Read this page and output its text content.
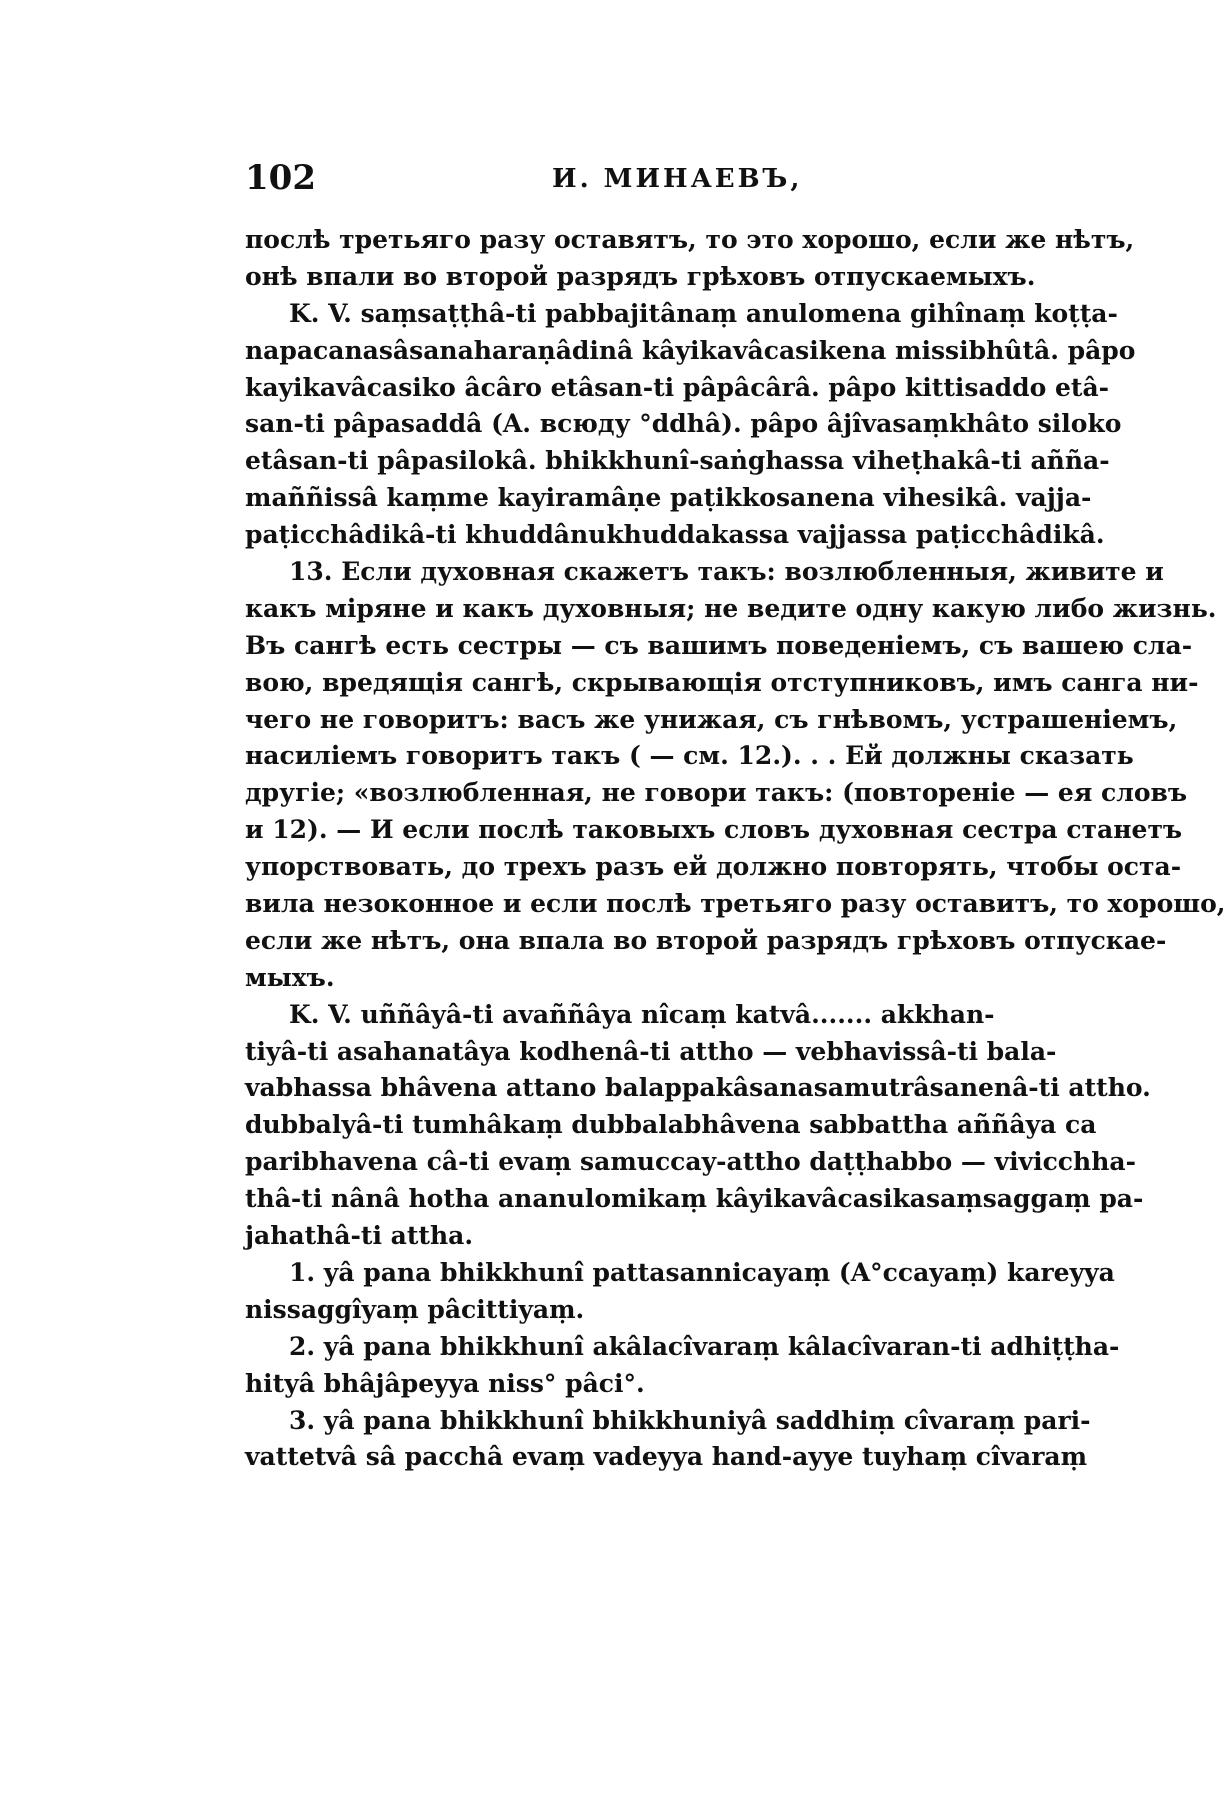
102	И. МИНАЕВЪ,
послѣ третьяго разу оставятъ, то это хорошо, если же нѣтъ,
онѣ впали во второй разрядъ грѣховъ отпускаемыхъ.
K. V. saṃsaṭṭhâ-ti pabbajitânaṃ anulomena gihînaṃ koṭṭa-
napacanasâsanaharaṇâdinâ kâyikavâcasikena missibhûtâ. pâpo
kayikavâcasiko âcâro etâsan-ti pâpâcârâ. pâpo kittisaddo etâ-
san-ti pâpasaddâ (A. всюду °ddhâ). pâpo âjîvasaṃkhâto siloko
etâsan-ti pâpasilokâ. bhikkhunî-saṅghassa viheṭhakâ-ti añña-
maññissâ kaṃme kayiramâṇe paṭikkosanena vihesikâ. vajja-
paṭicchâdikâ-ti khuddânukhuddakassa vajjassa paṭicchâdikâ.
13. Если духовная скажетъ такъ: возлюбленныя, живите и
какъ міряне и какъ духовныя; не ведите одну какую либо жизнь.
Въ сангѣ есть сестры — съ вашимъ поведеніемъ, съ вашею сла-
вою, вредящія сангѣ, скрывающія отступниковъ, имъ санга ни-
чего не говоритъ: васъ же унижая, съ гнѣвомъ, устрашеніемъ,
насиліемъ говоритъ такъ ( — см. 12.). . . Ей должны сказать
другіе; «возлюбленная, не говори такъ: (повтореніе — ея словъ
и 12). — И если послѣ таковыхъ словъ духовная сестра станетъ
упорствовать, до трехъ разъ ей должно повторять, чтобы оста-
вила незоконное и если послѣ третьяго разу оставитъ, то хорошо,
если же нѣтъ, она впала во второй разрядъ грѣховъ отпускае-
мыхъ.
K. V. uññâyâ-ti avaññâya nîcaṃ katvâ....... akkhan-
tiyâ-ti asahanatâya kodhenâ-ti attho — vebhavissâ-ti bala-
vabhassa bhâvena attano balappakâsanasamutrâsanenâ-ti attho.
dubbalyâ-ti tumhâkaṃ dubbalabhâvena sabbattha aññâya ca
paribhavena câ-ti evaṃ samuccay-attho daṭṭhabbo — vivicchha-
thâ-ti nânâ hotha ananulomikaṃ kâyikavâcasikasaṃsaggaṃ pa-
jahathâ-ti attha.
1. yâ pana bhikkhunî pattasannicayaṃ (A°ccayaṃ) kareyya
nissaggîyaṃ pâcittiyaṃ.
2. yâ pana bhikkhunî akâlacîvaraṃ kâlacîvaran-ti adhiṭṭha-
hityâ bhâjâpeyya niss° pâci°.
3. yâ pana bhikkhunî bhikkhuniyâ saddhiṃ cîvaraṃ pari-
vattetvâ sâ pacchâ evaṃ vadeyya hand-ayye tuyhaṃ cîvaraṃ
